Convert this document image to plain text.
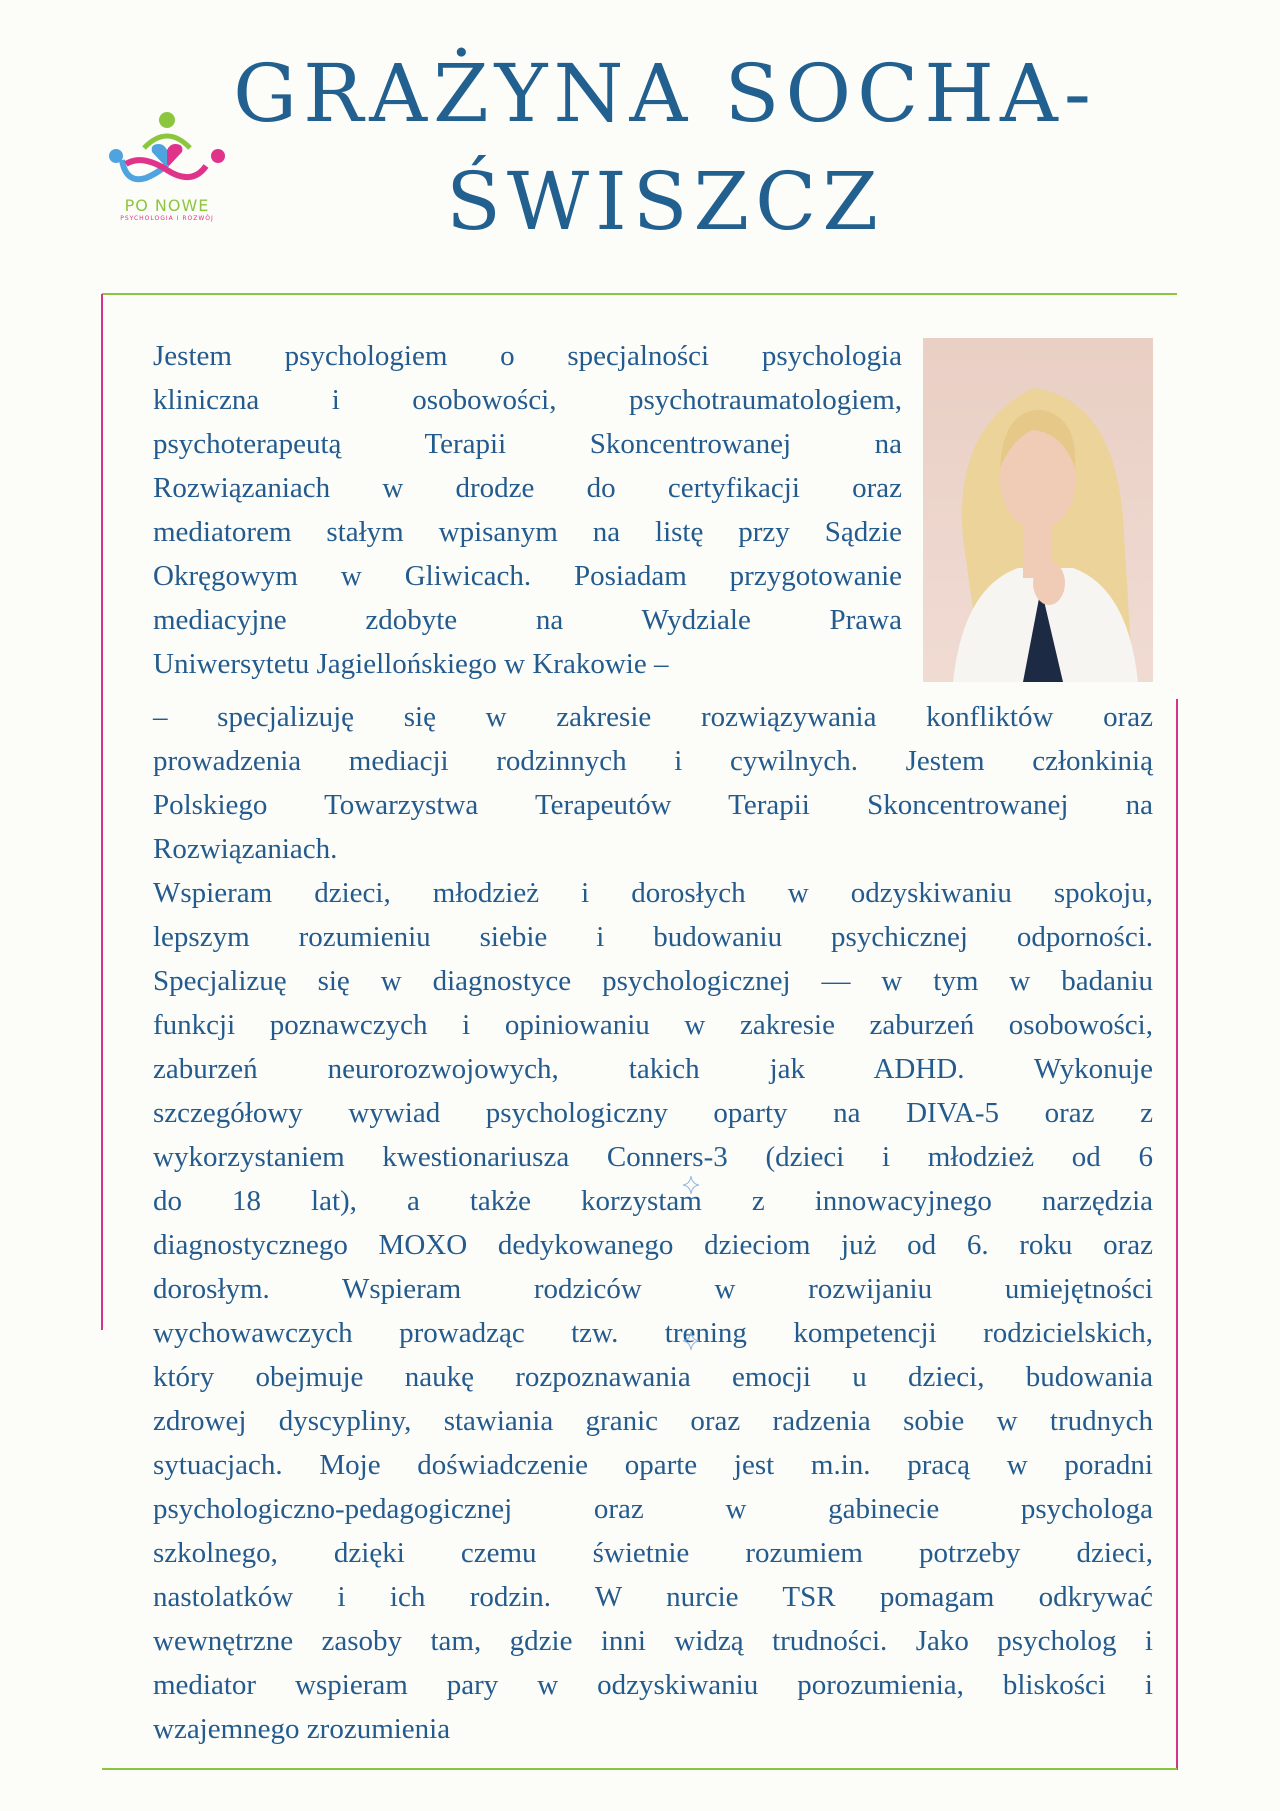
GRAŻYNA SOCHA-
ŚWISZCZ
PO NOWE
PSYCHOLOGIA I ROZWÓJ
Jestem psychologiem o specjalności psychologia
kliniczna i osobowości, psychotraumatologiem,
psychoterapeutą Terapii Skoncentrowanej na
Rozwiązaniach w drodze do certyfikacji oraz
mediatorem stałym wpisanym na listę przy Sądzie
Okręgowym w Gliwicach. Posiadam przygotowanie
mediacyjne zdobyte na Wydziale Prawa
Uniwersytetu Jagiellońskiego w Krakowie –
– specjalizuję się w zakresie rozwiązywania konfliktów oraz
prowadzenia mediacji rodzinnych i cywilnych. Jestem członkinią
Polskiego Towarzystwa Terapeutów Terapii Skoncentrowanej na
Rozwiązaniach.
Wspieram dzieci, młodzież i dorosłych w odzyskiwaniu spokoju,
lepszym rozumieniu siebie i budowaniu psychicznej odporności.
Specjalizuę się w diagnostyce psychologicznej — w tym w badaniu
funkcji poznawczych i opiniowaniu w zakresie zaburzeń osobowości,
zaburzeń neurorozwojowych, takich jak ADHD. Wykonuje
szczegółowy wywiad psychologiczny oparty na DIVA-5 oraz z
wykorzystaniem kwestionariusza Conners-3 (dzieci i młodzież od 6
do 18 lat), a także korzystam z innowacyjnego narzędzia
diagnostycznego MOXO dedykowanego dzieciom już od 6. roku oraz
dorosłym. Wspieram rodziców w rozwijaniu umiejętności
wychowawczych prowadząc tzw. trening kompetencji rodzicielskich,
który obejmuje naukę rozpoznawania emocji u dzieci, budowania
zdrowej dyscypliny, stawiania granic oraz radzenia sobie w trudnych
sytuacjach. Moje doświadczenie oparte jest m.in. pracą w poradni
psychologiczno-pedagogicznej oraz w gabinecie psychologa
szkolnego, dzięki czemu świetnie rozumiem potrzeby dzieci,
nastolatków i ich rodzin. W nurcie TSR pomagam odkrywać
wewnętrzne zasoby tam, gdzie inni widzą trudności. Jako psycholog i
mediator wspieram pary w odzyskiwaniu porozumienia, bliskości i
wzajemnego zrozumienia
